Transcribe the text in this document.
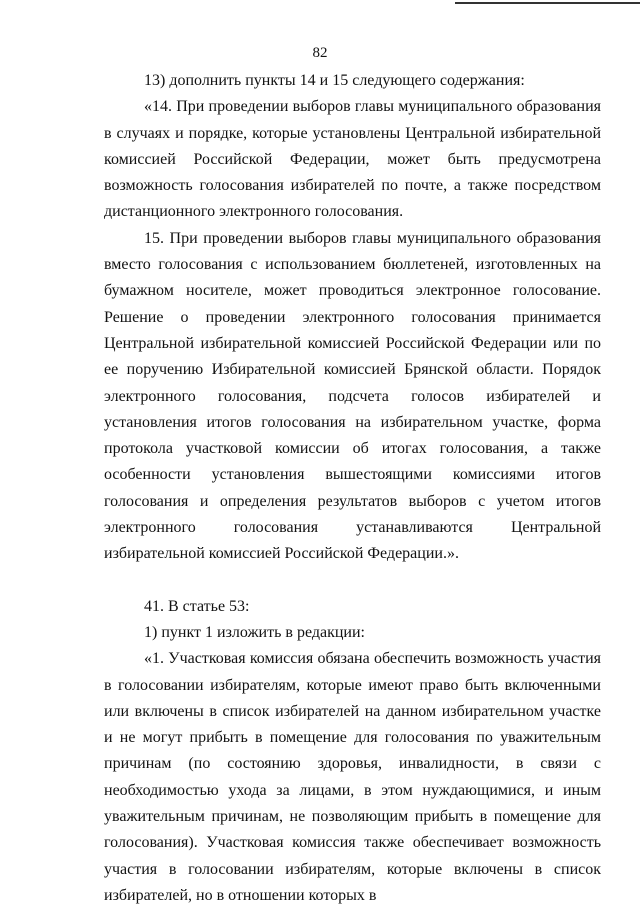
82

13) дополнить пункты 14 и 15 следующего содержания:

«14. При проведении выборов главы муниципального образования в случаях и порядке, которые установлены Центральной избирательной комиссией Российской Федерации, может быть предусмотрена возможность голосования избирателей по почте, а также посредством дистанционного электронного голосования.

15. При проведении выборов главы муниципального образования вместо голосования с использованием бюллетеней, изготовленных на бумажном носителе, может проводиться электронное голосование. Решение о проведении электронного голосования принимается Центральной избирательной комиссией Российской Федерации или по ее поручению Избирательной комиссией Брянской области. Порядок электронного голосования, подсчета голосов избирателей и установления итогов голосования на избирательном участке, форма протокола участковой комиссии об итогах голосования, а также особенности установления вышестоящими комиссиями итогов голосования и определения результатов выборов с учетом итогов электронного голосования устанавливаются Центральной избирательной комиссией Российской Федерации.».

41. В статье 53:

1) пункт 1 изложить в редакции:

«1. Участковая комиссия обязана обеспечить возможность участия в голосовании избирателям, которые имеют право быть включенными или включены в список избирателей на данном избирательном участке и не могут прибыть в помещение для голосования по уважительным причинам (по состоянию здоровья, инвалидности, в связи с необходимостью ухода за лицами, в этом нуждающимися, и иным уважительным причинам, не позволяющим прибыть в помещение для голосования). Участковая комиссия также обеспечивает возможность участия в голосовании избирателям, которые включены в список избирателей, но в отношении которых в
